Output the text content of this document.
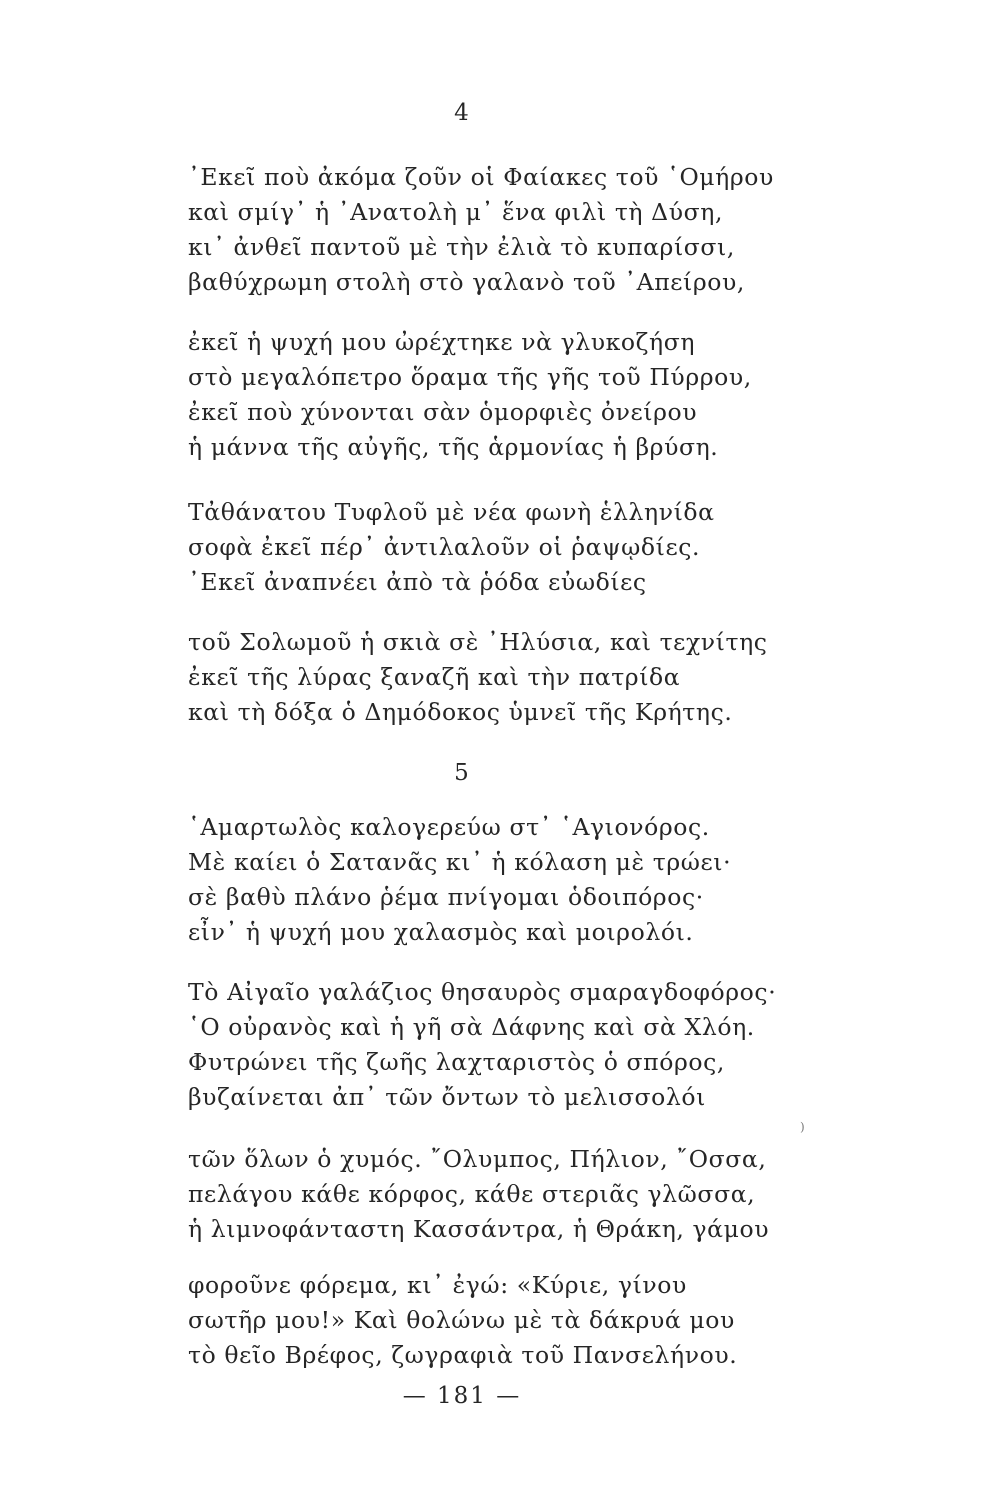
4
᾿Εκεῖ ποὺ ἀκόμα ζοῦν οἱ Φαίακες τοῦ ῾Ομήρου
καὶ σμίγ᾿ ἡ ᾿Ανατολὴ μ᾿ ἕνα φιλὶ τὴ Δύση,
κι᾿ ἀνθεῖ παντοῦ μὲ τὴν ἐλιὰ τὸ κυπαρίσσι,
βαθύχρωμη στολὴ στὸ γαλανὸ τοῦ ᾿Απείρου,
ἐκεῖ ἡ ψυχή μου ὠρέχτηκε νὰ γλυκοζήση
στὸ μεγαλόπετρο ὅραμα τῆς γῆς τοῦ Πύρρου,
ἐκεῖ ποὺ χύνονται σὰν ὁμορφιὲς ὀνείρου
ἡ μάννα τῆς αὐγῆς, τῆς ἁρμονίας ἡ βρύση.
Τἀθάνατου Τυφλοῦ μὲ νέα φωνὴ ἑλληνίδα
σοφὰ ἐκεῖ πέρ᾿ ἀντιλαλοῦν οἱ ῥαψῳδίες.
᾿Εκεῖ ἀναπνέει ἀπὸ τὰ ῥόδα εὐωδίες
τοῦ Σολωμοῦ ἡ σκιὰ σὲ ᾿Ηλύσια, καὶ τεχνίτης
ἐκεῖ τῆς λύρας ξαναζῆ καὶ τὴν πατρίδα
καὶ τὴ δόξα ὁ Δημόδοκος ὑμνεῖ τῆς Κρήτης.
5
῾Αμαρτωλὸς καλογερεύω στ᾿ ῾Αγιονόρος.
Μὲ καίει ὁ Σατανᾶς κι᾿ ἡ κόλαση μὲ τρώει·
σὲ βαθὺ πλάνο ῥέμα πνίγομαι ὁδοιπόρος·
εἶν᾿ ἡ ψυχή μου χαλασμὸς καὶ μοιρολόι.
Τὸ Αἰγαῖο γαλάζιος θησαυρὸς σμαραγδοφόρος·
῾Ο οὐρανὸς καὶ ἡ γῆ σὰ Δάφνης καὶ σὰ Χλόη.
Φυτρώνει τῆς ζωῆς λαχταριστὸς ὁ σπόρος,
βυζαίνεται ἀπ᾿ τῶν ὄντων τὸ μελισσολόι
)
τῶν ὅλων ὁ χυμός. ῎Ολυμπος, Πήλιον, ῎Οσσα,
πελάγου κάθε κόρφος, κάθε στεριᾶς γλῶσσα,
ἡ λιμνοφάνταστη Κασσάντρα, ἡ Θράκη, γάμου
φοροῦνε φόρεμα, κι᾿ ἐγώ: «Κύριε, γίνου
σωτῆρ μου!» Καὶ θολώνω μὲ τὰ δάκρυά μου
τὸ θεῖο Βρέφος, ζωγραφιὰ τοῦ Πανσελήνου.
— 181 —
